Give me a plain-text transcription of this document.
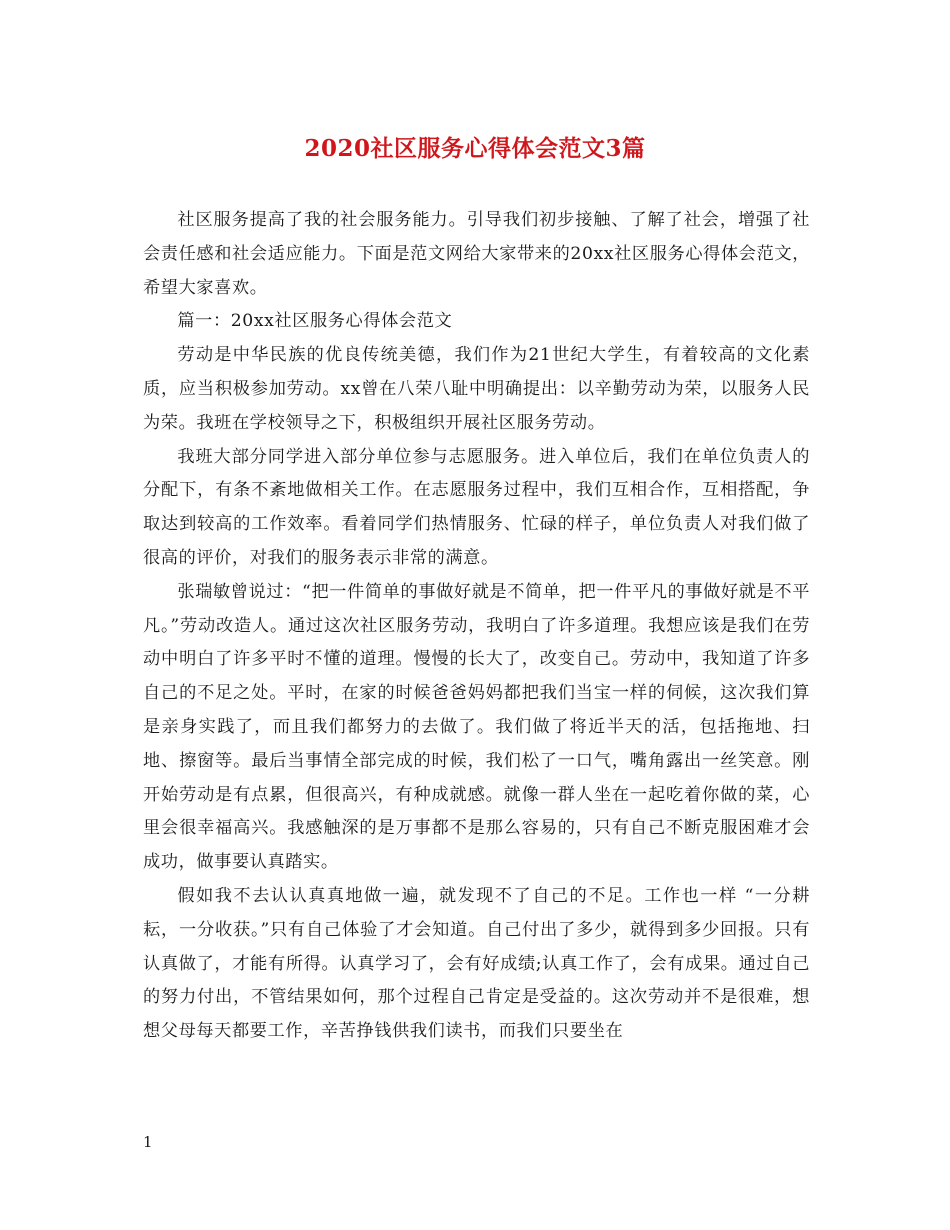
2020社区服务心得体会范文3篇

社区服务提高了我的社会服务能力。引导我们初步接触、了解了社会，增强了社会责任感和社会适应能力。下面是范文网给大家带来的20xx社区服务心得体会范文，希望大家喜欢。

篇一：20xx社区服务心得体会范文

劳动是中华民族的优良传统美德，我们作为21世纪大学生，有着较高的文化素质，应当积极参加劳动。xx曾在八荣八耻中明确提出：以辛勤劳动为荣，以服务人民为荣。我班在学校领导之下，积极组织开展社区服务劳动。

我班大部分同学进入部分单位参与志愿服务。进入单位后，我们在单位负责人的分配下，有条不紊地做相关工作。在志愿服务过程中，我们互相合作，互相搭配，争取达到较高的工作效率。看着同学们热情服务、忙碌的样子，单位负责人对我们做了很高的评价，对我们的服务表示非常的满意。

张瑞敏曾说过：“把一件简单的事做好就是不简单，把一件平凡的事做好就是不平凡。”劳动改造人。通过这次社区服务劳动，我明白了许多道理。我想应该是我们在劳动中明白了许多平时不懂的道理。慢慢的长大了，改变自己。劳动中，我知道了许多自己的不足之处。平时，在家的时候爸爸妈妈都把我们当宝一样的伺候，这次我们算是亲身实践了，而且我们都努力的去做了。我们做了将近半天的活，包括拖地、扫地、擦窗等。最后当事情全部完成的时候，我们松了一口气，嘴角露出一丝笑意。刚开始劳动是有点累，但很高兴，有种成就感。就像一群人坐在一起吃着你做的菜，心里会很幸福高兴。我感触深的是万事都不是那么容易的，只有自己不断克服困难才会成功，做事要认真踏实。

假如我不去认认真真地做一遍，就发现不了自己的不足。工作也一样 “一分耕耘，一分收获。”只有自己体验了才会知道。自己付出了多少，就得到多少回报。只有认真做了，才能有所得。认真学习了，会有好成绩;认真工作了，会有成果。通过自己的努力付出，不管结果如何，那个过程自己肯定是受益的。这次劳动并不是很难，想想父母每天都要工作，辛苦挣钱供我们读书，而我们只要坐在

1
